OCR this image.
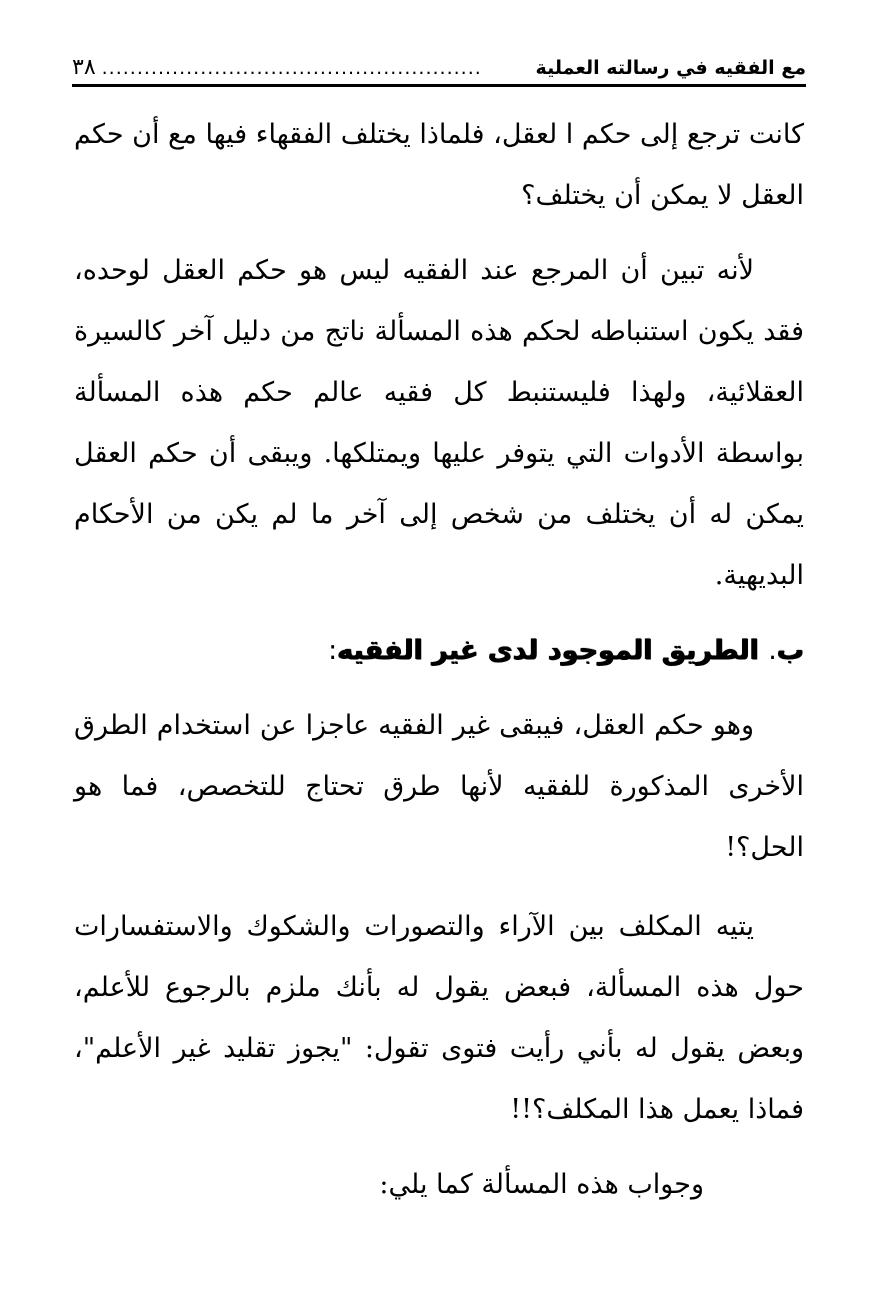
مع الفقيه في رسالته العملية
......................................................
٣٨

كانت ترجع إلى حكم ا لعقل، فلماذا يختلف الفقهاء فيها مع أن حكم العقل لا يمكن أن يختلف؟

لأنه تبين أن المرجع عند الفقيه ليس هو حكم العقل لوحده، فقد يكون استنباطه لحكم هذه المسألة ناتج من دليل آخر كالسيرة العقلائية، ولهذا فليستنبط كل فقيه عالم حكم هذه المسألة بواسطة الأدوات التي يتوفر عليها ويمتلكها. ويبقى أن حكم العقل يمكن له أن يختلف من شخص إلى آخر ما لم يكن من الأحكام البديهية.

ب. الطريق الموجود لدى غير الفقيه:

وهو حكم العقل، فيبقى غير الفقيه عاجزا عن استخدام الطرق الأخرى المذكورة للفقيه لأنها طرق تحتاج للتخصص، فما هو الحل؟!

يتيه المكلف بين الآراء والتصورات والشكوك والاستفسارات حول هذه المسألة، فبعض يقول له بأنك ملزم بالرجوع للأعلم، وبعض يقول له بأني رأيت فتوى تقول: "يجوز تقليد غير الأعلم"، فماذا يعمل هذا المكلف؟!!

وجواب هذه المسألة كما يلي:
